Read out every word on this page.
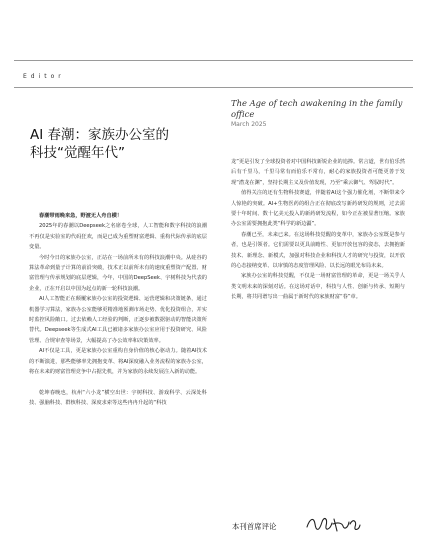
Editor
The Age of tech awakening in the family office
March 2025
AI 春潮：家族办公室的
科技“觉醒年代”

春潮带雨晚来急，野渡无人舟自横！

2025年的春潮以Deepseek之名席卷全球，人工智能和数字科技的浪潮不再仅是实验室的代码狂欢，而是已成为重塑财富逻辑、重构代际传承的底层变量。

今时今日的家族办公室，正站在一场前所未有的科技浪潮中央。从硅谷的算法革命到量子计算的前沿突破，技术正以前所未有的速度重塑资产配置、财富管理与传承规划的底层逻辑，今年，中国的DeepSeek、宇树科技为代表的企业，正在开启以中国为起点的新一轮科技浪潮。

AI人工智能正在颠覆家族办公室的投资逻辑、运营逻辑和决策链条，通过机器学习算法，家族办公室能够更精准地预测市场走势、优化投资组合，并实时监控风险敞口。过去依赖人工经验的判断，正逐步被数据驱动的智能决策所替代。Deepseek等生成式AI工具已被诸多家族办公室应用于投资研究、风险管理、合规审查等场景，大幅提高了办公效率和决策效率。

AI不仅是工具，更是家族办公室重构自身价值的核心驱动力。随着AI技术的不断演进，那些能够率先拥抱变革、将AI深度融入业务流程的家族办公室，将在未来的财富管理竞争中占据先机，并为家族的永续发展注入新的动能。

乾坤春晚也，杭州“六小龙”横空出世：宇树科技、游戏科学、云深处科技、强脑科技、群核科技、深度求索等这些冉冉升起的“科技

龙”更是引发了全球投资者对中国科技新锐企业的追捧。常言道，世有伯乐然后有千里马，千里马常有而伯乐不常有，耐心的家族投资者可能更善于发现“潜龙在渊”，坚持长期主义及价值发现，乃至“乘云御气、驾驭时代”。

值得关注的还有生物科技赛道，伴随着AI这个强力催化剂，不断带来令人惊艳的突破。AI+生物医药的组合正在彻底改写新药研发的规则，过去需要十年时间、数十亿美元投入的新药研发流程，如今正在被显著压缩。家族办公室需要拥抱此类“科学的新边疆”。

春潮已至，未来已来。在这场科技觉醒的变革中，家族办公室既是参与者，也是引领者。它们需要以更具前瞻性、更加开放包容的姿态，去拥抱新技术、新理念、新模式，加强对科技企业和科技人才的研究与投资，以开放的心态接纳变革、以审慎的态度管理风险、以长远的眼光布局未来。

家族办公室的科技觉醒，不仅是一场财富管理的革命，更是一场关乎人类文明未来的深刻对话。在这场对话中，科技与人性、创新与传承、短期与长期，将共同谱写出一曲属于新时代的家族财富“春”章。

本刊首席评论
